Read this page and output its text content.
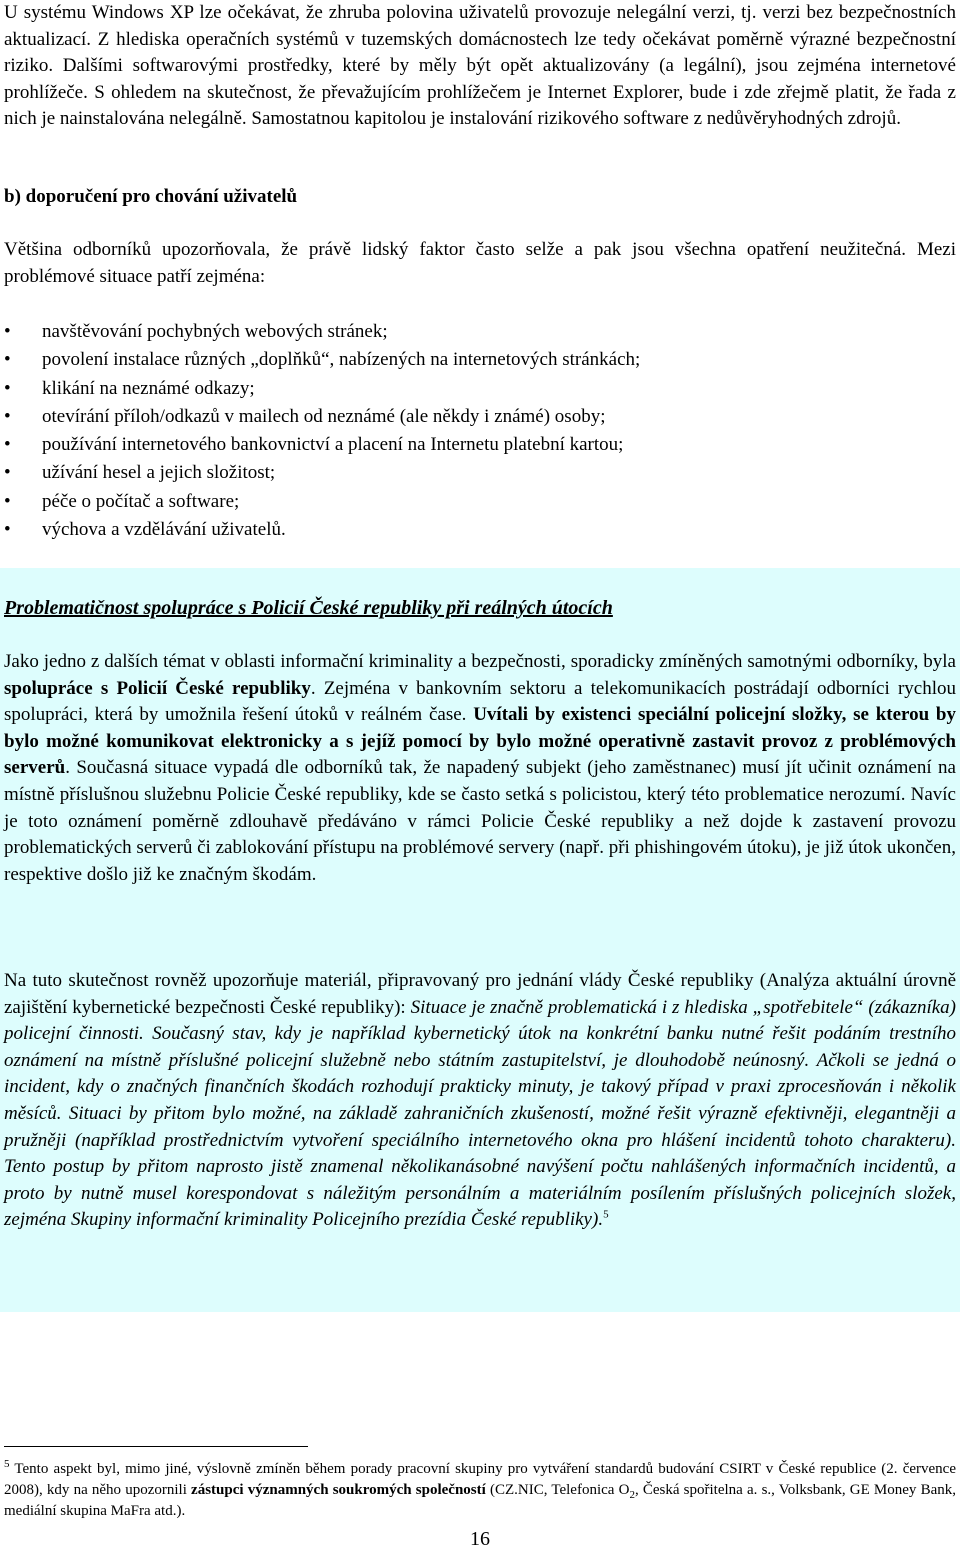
U systému Windows XP lze očekávat, že zhruba polovina uživatelů provozuje nelegální verzi, tj. verzi bez bezpečnostních aktualizací. Z hlediska operačních systémů v tuzemských domácnostech lze tedy očekávat poměrně výrazné bezpečnostní riziko. Dalšími softwarovými prostředky, které by měly být opět aktualizovány (a legální), jsou zejména internetové prohlížeče. S ohledem na skutečnost, že převažujícím prohlížečem je Internet Explorer, bude i zde zřejmě platit, že řada z nich je nainstalována nelegálně. Samostatnou kapitolou je instalování rizikového software z nedůvěryhodných zdrojů.

b) doporučení pro chování uživatelů

Většina odborníků upozorňovala, že právě lidský faktor často selže a pak jsou všechna opatření neužitečná. Mezi problémové situace patří zejména:

• navštěvování pochybných webových stránek;
• povolení instalace různých „doplňků“, nabízených na internetových stránkách;
• klikání na neznámé odkazy;
• otevírání příloh/odkazů v mailech od neznámé (ale někdy i známé) osoby;
• používání internetového bankovnictví a placení na Internetu platební kartou;
• užívání hesel a jejich složitost;
• péče o počítač a software;
• výchova a vzdělávání uživatelů.

Problematičnost spolupráce s Policií České republiky při reálných útocích

Jako jedno z dalších témat v oblasti informační kriminality a bezpečnosti, sporadicky zmíněných samotnými odborníky, byla spolupráce s Policií České republiky. Zejména v bankovním sektoru a telekomunikacích postrádají odborníci rychlou spolupráci, která by umožnila řešení útoků v reálném čase. Uvítali by existenci speciální policejní složky, se kterou by bylo možné komunikovat elektronicky a s jejíž pomocí by bylo možné operativně zastavit provoz z problémových serverů. Současná situace vypadá dle odborníků tak, že napadený subjekt (jeho zaměstnanec) musí jít učinit oznámení na místně příslušnou služebnu Policie České republiky, kde se často setká s policistou, který této problematice nerozumí. Navíc je toto oznámení poměrně zdlouhavě předáváno v rámci Policie České republiky a než dojde k zastavení provozu problematických serverů či zablokování přístupu na problémové servery (např. při phishingovém útoku), je již útok ukončen, respektive došlo již ke značným škodám.

Na tuto skutečnost rovněž upozorňuje materiál, připravovaný pro jednání vlády České republiky (Analýza aktuální úrovně zajištění kybernetické bezpečnosti České republiky): Situace je značně problematická i z hlediska „spotřebitele“ (zákazníka) policejní činnosti. Současný stav, kdy je například kybernetický útok na konkrétní banku nutné řešit podáním trestního oznámení na místně příslušné policejní služebně nebo státním zastupitelství, je dlouhodobě neúnosný. Ačkoli se jedná o incident, kdy o značných finančních škodách rozhodují prakticky minuty, je takový případ v praxi zprocesňován i několik měsíců. Situaci by přitom bylo možné, na základě zahraničních zkušeností, možné řešit výrazně efektivněji, elegantněji a pružněji (například prostřednictvím vytvoření speciálního internetového okna pro hlášení incidentů tohoto charakteru). Tento postup by přitom naprosto jistě znamenal několikanásobné navýšení počtu nahlášených informačních incidentů, a proto by nutně musel korespondovat s náležitým personálním a materiálním posílením příslušných policejních složek, zejména Skupiny informační kriminality Policejního prezídia České republiky).$^5$

$^5$ Tento aspekt byl, mimo jiné, výslovně zmíněn během porady pracovní skupiny pro vytváření standardů budování CSIRT v České republice (2. července 2008), kdy na něho upozornili zástupci významných soukromých společností (CZ.NIC, Telefonica $O_2$, Česká spořitelna a. s., Volksbank, GE Money Bank, mediální skupina MaFra atd.).

16
